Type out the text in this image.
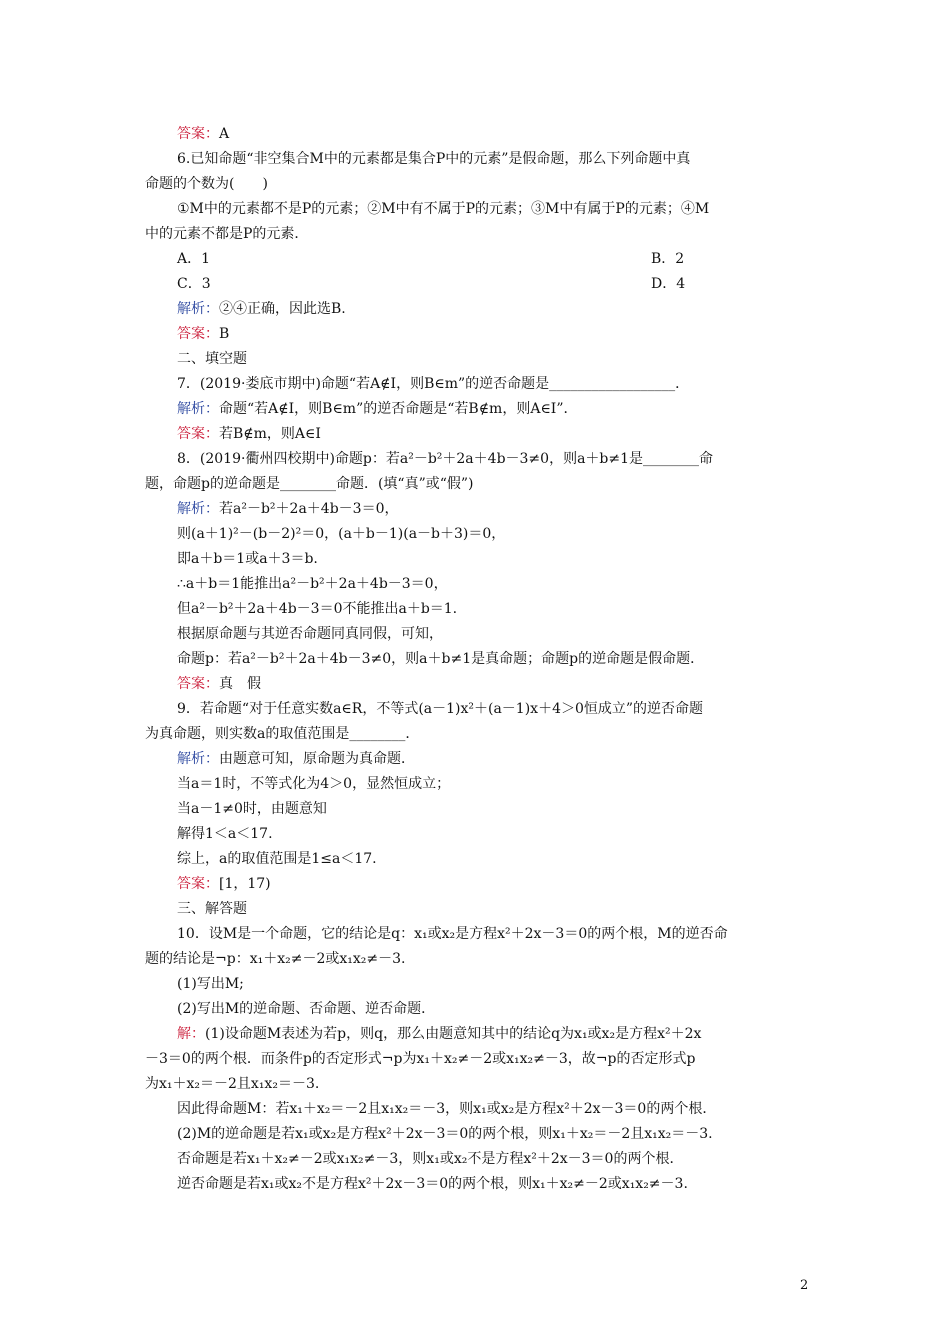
答案：A
6.已知命题“非空集合M中的元素都是集合P中的元素”是假命题，那么下列命题中真
命题的个数为(　　)
①M中的元素都不是P的元素；②M中有不属于P的元素；③M中有属于P的元素；④M
中的元素不都是P的元素．
A．1	B．2
C．3	D．4
解析：②④正确，因此选B.
答案：B
二、填空题
7．(2019·娄底市期中)命题“若A∉I，则B∈m”的逆否命题是__________________．
解析：命题“若A∉I，则B∈m”的逆否命题是“若B∉m，则A∈I”．
答案：若B∉m，则A∈I
8．(2019·衢州四校期中)命题p：若a²－b²＋2a＋4b－3≠0，则a＋b≠1是________命
题，命题p的逆命题是________命题．(填“真”或“假”)
解析：若a²－b²＋2a＋4b－3＝0，
则(a＋1)²－(b－2)²＝0，(a＋b－1)(a－b＋3)＝0，
即a＋b＝1或a＋3＝b.
∴a＋b＝1能推出a²－b²＋2a＋4b－3＝0，
但a²－b²＋2a＋4b－3＝0不能推出a＋b＝1.
根据原命题与其逆否命题同真同假，可知，
命题p：若a²－b²＋2a＋4b－3≠0，则a＋b≠1是真命题；命题p的逆命题是假命题．
答案：真　假
9．若命题“对于任意实数a∈R，不等式(a－1)x²＋(a－1)x＋4＞0恒成立”的逆否命题
为真命题，则实数a的取值范围是________．
解析：由题意可知，原命题为真命题．
当a＝1时，不等式化为4＞0，显然恒成立；
当a－1≠0时，由题意知
解得1＜a＜17.
综上，a的取值范围是1≤a＜17.
答案：[1，17)
三、解答题
10．设M是一个命题，它的结论是q：x₁或x₂是方程x²＋2x－3＝0的两个根，M的逆否命
题的结论是¬p：x₁＋x₂≠－2或x₁x₂≠－3.
(1)写出M;
(2)写出M的逆命题、否命题、逆否命题．
解：(1)设命题M表述为若p，则q，那么由题意知其中的结论q为x₁或x₂是方程x²＋2x
－3＝0的两个根．而条件p的否定形式¬p为x₁＋x₂≠－2或x₁x₂≠－3，故¬p的否定形式p
为x₁＋x₂＝－2且x₁x₂＝－3.
因此得命题M：若x₁＋x₂＝－2且x₁x₂＝－3，则x₁或x₂是方程x²＋2x－3＝0的两个根．
(2)M的逆命题是若x₁或x₂是方程x²＋2x－3＝0的两个根，则x₁＋x₂＝－2且x₁x₂＝－3.
否命题是若x₁＋x₂≠－2或x₁x₂≠－3，则x₁或x₂不是方程x²＋2x－3＝0的两个根．
逆否命题是若x₁或x₂不是方程x²＋2x－3＝0的两个根，则x₁＋x₂≠－2或x₁x₂≠－3.
2
